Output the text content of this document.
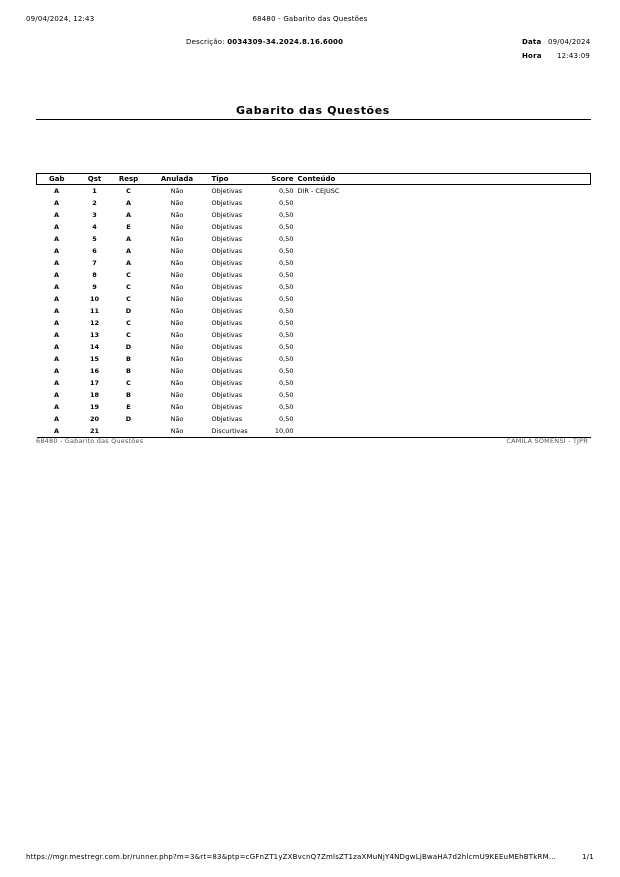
09/04/2024, 12:43	68480 - Gabarito das Questões
Descrição: 0034309-34.2024.8.16.6000	Data 09/04/2024
Hora 12:43:09
Gabarito das Questões
Gab	Qst	Resp	Anulada	Tipo	Score	Conteúdo
A	1	C	Não	Objetivas	0,50	DIR - CEJUSC
A	2	A	Não	Objetivas	0,50	
A	3	A	Não	Objetivas	0,50	
A	4	E	Não	Objetivas	0,50	
A	5	A	Não	Objetivas	0,50	
A	6	A	Não	Objetivas	0,50	
A	7	A	Não	Objetivas	0,50	
A	8	C	Não	Objetivas	0,50	
A	9	C	Não	Objetivas	0,50	
A	10	C	Não	Objetivas	0,50	
A	11	D	Não	Objetivas	0,50	
A	12	C	Não	Objetivas	0,50	
A	13	C	Não	Objetivas	0,50	
A	14	D	Não	Objetivas	0,50	
A	15	B	Não	Objetivas	0,50	
A	16	B	Não	Objetivas	0,50	
A	17	C	Não	Objetivas	0,50	
A	18	B	Não	Objetivas	0,50	
A	19	E	Não	Objetivas	0,50	
A	20	D	Não	Objetivas	0,50	
A	21		Não	Discurtivas	10,00	
68480 - Gabarito das Questões	CAMILA SOMENSI - TJPR
https://mgr.mestregr.com.br/runner.php?m=3&rt=83&ptp=cGFnZT1yZXBvcnQ7ZmlsZT1zaXMuNjY4NDgwLjBwaHA7d2hlcmU9KEEuMEhBTkRM...	1/1
